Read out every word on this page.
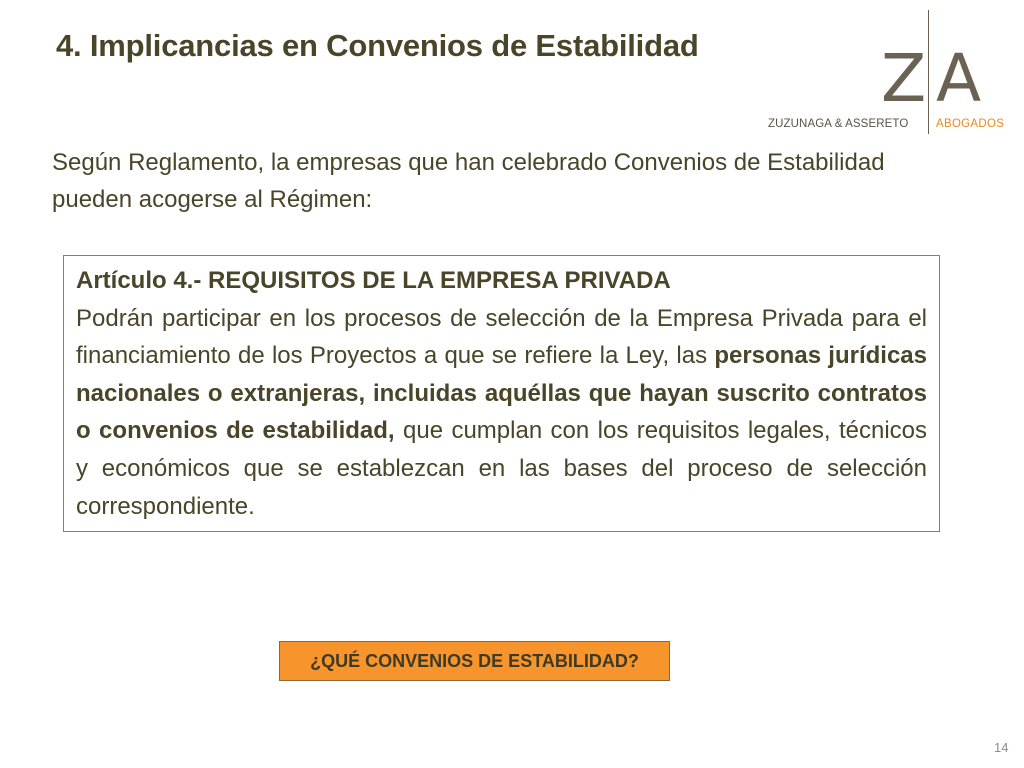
4. Implicancias en Convenios de Estabilidad	Z A
ZUZUNAGA & ASSERETO ABOGADOS
Según Reglamento, la empresas que han celebrado Convenios de Estabilidad pueden acogerse al Régimen:
Artículo 4.- REQUISITOS DE LA EMPRESA PRIVADA
Podrán participar en los procesos de selección de la Empresa Privada para el financiamiento de los Proyectos a que se refiere la Ley, las personas jurídicas nacionales o extranjeras, incluidas aquéllas que hayan suscrito contratos o convenios de estabilidad, que cumplan con los requisitos legales, técnicos y económicos que se establezcan en las bases del proceso de selección correspondiente.
¿QUÉ CONVENIOS DE ESTABILIDAD?
14
